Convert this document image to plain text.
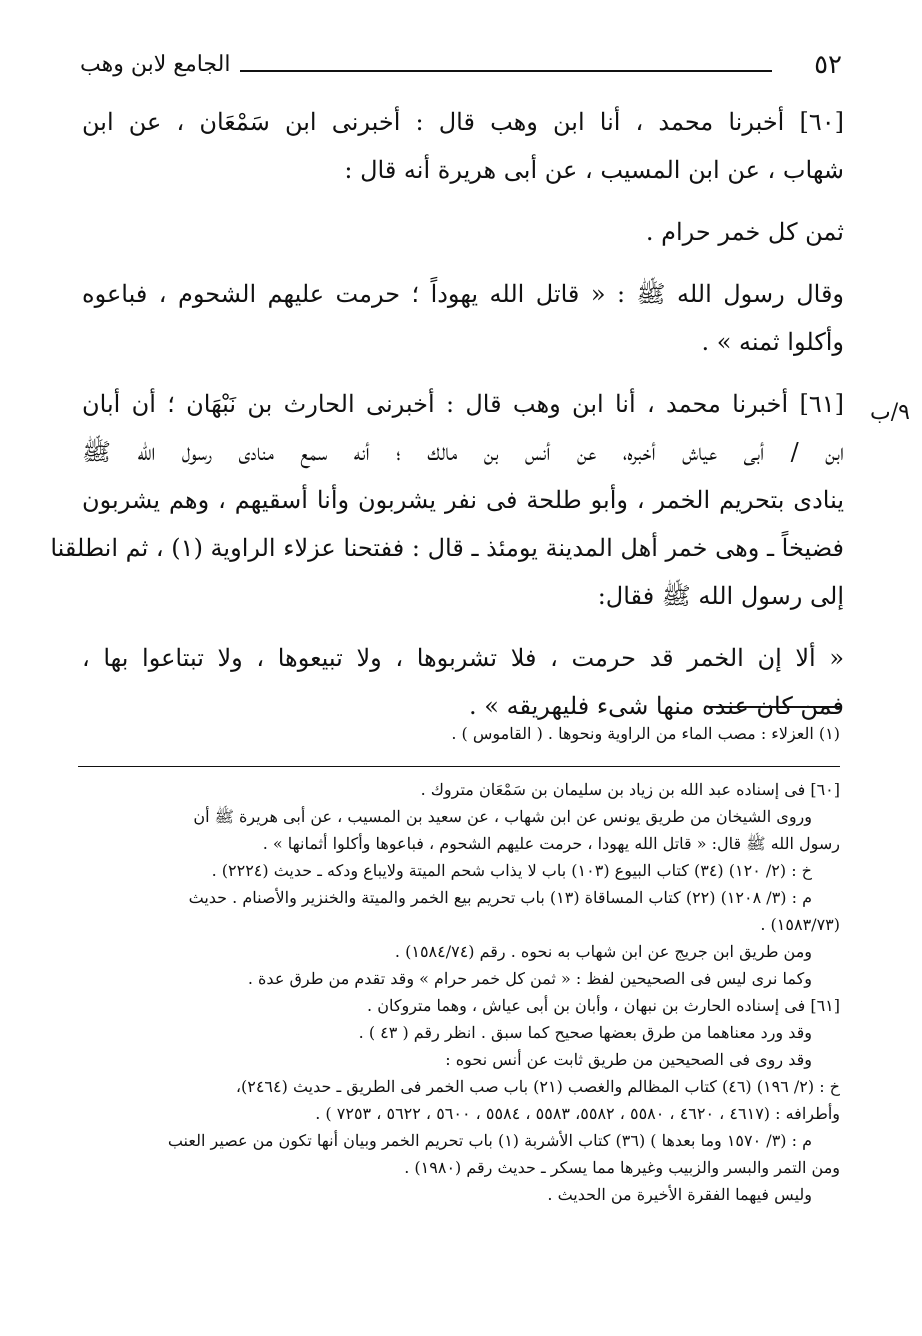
٥٢
الجامع لابن وهب
٩/ب

[٦٠] أخبرنا محمد ، أنا ابن وهب قال : أخبرنى ابن سَمْعَان ، عن ابن
شهاب ، عن ابن المسيب ، عن أبى هريرة أنه قال :

ثمن كل خمر حرام .

وقال رسول الله ﷺ : « قاتل الله يهوداً ؛ حرمت عليهم الشحوم ، فباعوه
وأكلوا ثمنه » .

[٦١] أخبرنا محمد ، أنا ابن وهب قال : أخبرنى الحارث بن نَبْهَان ؛ أن أبان
ابن / أبى عياش أخبره، عن أنس بن مالك ؛ أنه سمع منادى رسول الله ﷺ
ينادى بتحريم الخمر ، وأبو طلحة فى نفر يشربون وأنا أسقيهم ، وهم يشربون
فضيخاً ـ وهى خمر أهل المدينة يومئذ ـ قال : ففتحنا عزلاء الراوية (١) ، ثم انطلقنا
إلى رسول الله ﷺ فقال:

« ألا إن الخمر قد حرمت ، فلا تشربوها ، ولا تبيعوها ، ولا تبتاعوا بها ،
فمن كان عنده منها شىء فليهريقه » .

(١) العزلاء : مصب الماء من الراوية ونحوها . ( القاموس ) .
[٦٠] فى إسناده عبد الله بن زياد بن سليمان بن سَمْعَان متروك .
وروى الشيخان من طريق يونس عن ابن شهاب ، عن سعيد بن المسيب ، عن أبى هريرة ﷺ أن
رسول الله ﷺ قال: « قاتل الله يهودا ، حرمت عليهم الشحوم ، فباعوها وأكلوا أثمانها » .
خ : (٢/ ١٢٠) (٣٤) كتاب البيوع (١٠٣) باب لا يذاب شحم الميتة ولايباع ودكه ـ حديث (٢٢٢٤) .
م : (٣/ ١٢٠٨) (٢٢) كتاب المساقاة (١٣) باب تحريم بيع الخمر والميتة والخنزير والأصنام . حديث
(١٥٨٣/٧٣) .
ومن طريق ابن جريج عن ابن شهاب به نحوه . رقم (١٥٨٤/٧٤) .
وكما نرى ليس فى الصحيحين لفظ : « ثمن كل خمر حرام » وقد تقدم من طرق عدة .
[٦١] فى إسناده الحارث بن نبهان ، وأبان بن أبى عياش ، وهما متروكان .
وقد ورد معناهما من طرق بعضها صحيح كما سبق . انظر رقم ( ٤٣ ) .
وقد روى فى الصحيحين من طريق ثابت عن أنس نحوه :
خ : (٢/ ١٩٦) (٤٦) كتاب المظالم والغصب (٢١) باب صب الخمر فى الطريق ـ حديث (٢٤٦٤)،
وأطرافه : (٤٦١٧ ، ٤٦٢٠ ، ٥٥٨٠ ، ٥٥٨٢، ٥٥٨٣ ، ٥٥٨٤ ، ٥٦٠٠ ، ٥٦٢٢ ، ٧٢٥٣ ) .
م : (٣/ ١٥٧٠ وما بعدها ) (٣٦) كتاب الأشربة (١) باب تحريم الخمر وبيان أنها تكون من عصير العنب
ومن التمر والبسر والزبيب وغيرها مما يسكر ـ حديث رقم (١٩٨٠) .
وليس فيهما الفقرة الأخيرة من الحديث .
